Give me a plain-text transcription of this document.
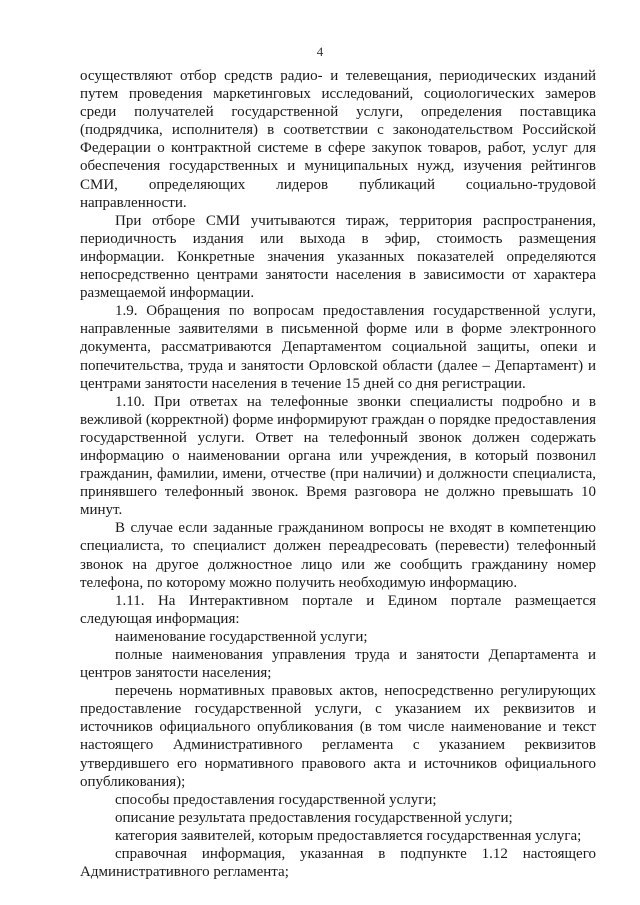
4

осуществляют отбор средств радио- и телевещания, периодических изданий путем проведения маркетинговых исследований, социологических замеров среди получателей государственной услуги, определения поставщика (подрядчика, исполнителя) в соответствии с законодательством Российской Федерации о контрактной системе в сфере закупок товаров, работ, услуг для обеспечения государственных и муниципальных нужд, изучения рейтингов СМИ, определяющих лидеров публикаций социально-трудовой направленности.

При отборе СМИ учитываются тираж, территория распространения, периодичность издания или выхода в эфир, стоимость размещения информации. Конкретные значения указанных показателей определяются непосредственно центрами занятости населения в зависимости от характера размещаемой информации.

1.9. Обращения по вопросам предоставления государственной услуги, направленные заявителями в письменной форме или в форме электронного документа, рассматриваются Департаментом социальной защиты, опеки и попечительства, труда и занятости Орловской области (далее – Департамент) и центрами занятости населения в течение 15 дней со дня регистрации.

1.10. При ответах на телефонные звонки специалисты подробно и в вежливой (корректной) форме информируют граждан о порядке предоставления государственной услуги. Ответ на телефонный звонок должен содержать информацию о наименовании органа или учреждения, в который позвонил гражданин, фамилии, имени, отчестве (при наличии) и должности специалиста, принявшего телефонный звонок. Время разговора не должно превышать 10 минут.

В случае если заданные гражданином вопросы не входят в компетенцию специалиста, то специалист должен переадресовать (перевести) телефонный звонок на другое должностное лицо или же сообщить гражданину номер телефона, по которому можно получить необходимую информацию.

1.11. На Интерактивном портале и Едином портале размещается следующая информация:

наименование государственной услуги;

полные наименования управления труда и занятости Департамента и центров занятости населения;

перечень нормативных правовых актов, непосредственно регулирующих предоставление государственной услуги, с указанием их реквизитов и источников официального опубликования (в том числе наименование и текст настоящего Административного регламента с указанием реквизитов утвердившего его нормативного правового акта и источников официального опубликования);

способы предоставления государственной услуги;

описание результата предоставления государственной услуги;

категория заявителей, которым предоставляется государственная услуга;

справочная информация, указанная в подпункте 1.12 настоящего Административного регламента;
